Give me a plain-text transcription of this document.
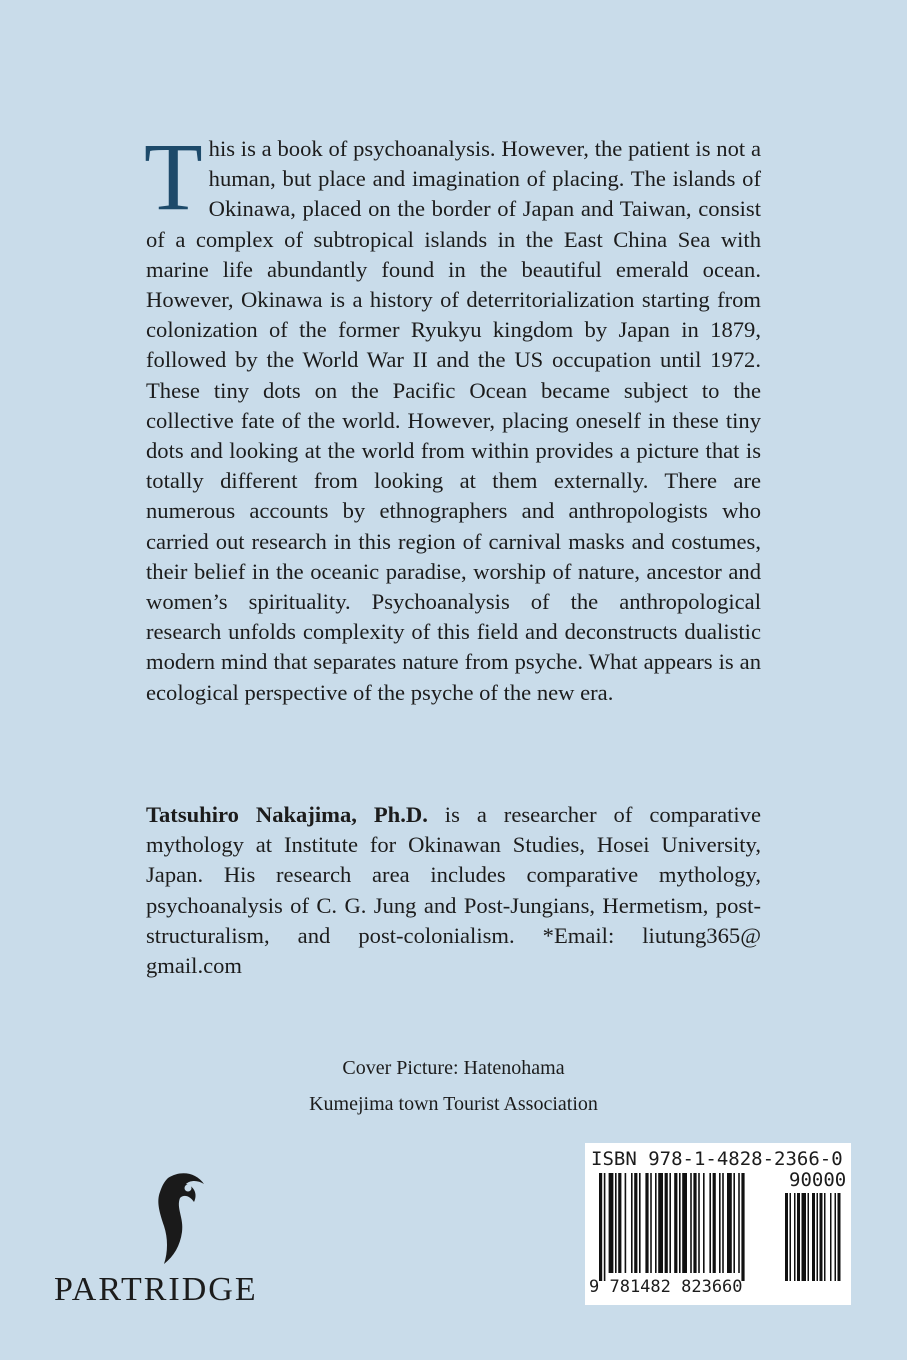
This is a book of psychoanalysis. However, the patient is not a human, but place and imagination of placing. The islands of Okinawa, placed on the border of Japan and Taiwan, consist of a complex of subtropical islands in the East China Sea with marine life abundantly found in the beautiful emerald ocean. However, Okinawa is a history of deterritorialization starting from colonization of the former Ryukyu kingdom by Japan in 1879, followed by the World War II and the US occupation until 1972. These tiny dots on the Pacific Ocean became subject to the collective fate of the world. However, placing oneself in these tiny dots and looking at the world from within provides a picture that is totally different from looking at them externally. There are numerous accounts by ethnographers and anthropologists who carried out research in this region of carnival masks and costumes, their belief in the oceanic paradise, worship of nature, ancestor and women’s spirituality. Psychoanalysis of the anthropological research unfolds complexity of this field and deconstructs dualistic modern mind that separates nature from psyche. What appears is an ecological perspective of the psyche of the new era.

Tatsuhiro Nakajima, Ph.D. is a researcher of comparative mythology at Institute for Okinawan Studies, Hosei University, Japan. His research area includes comparative mythology, psychoanalysis of C. G. Jung and Post-Jungians, Hermetism, post-structuralism, and post-colonialism. *Email: liutung365@ gmail.com

Cover Picture: Hatenohama
Kumejima town Tourist Association
PARTRIDGE
ISBN 978-1-4828-2366-0
90000
9 781482 823660
